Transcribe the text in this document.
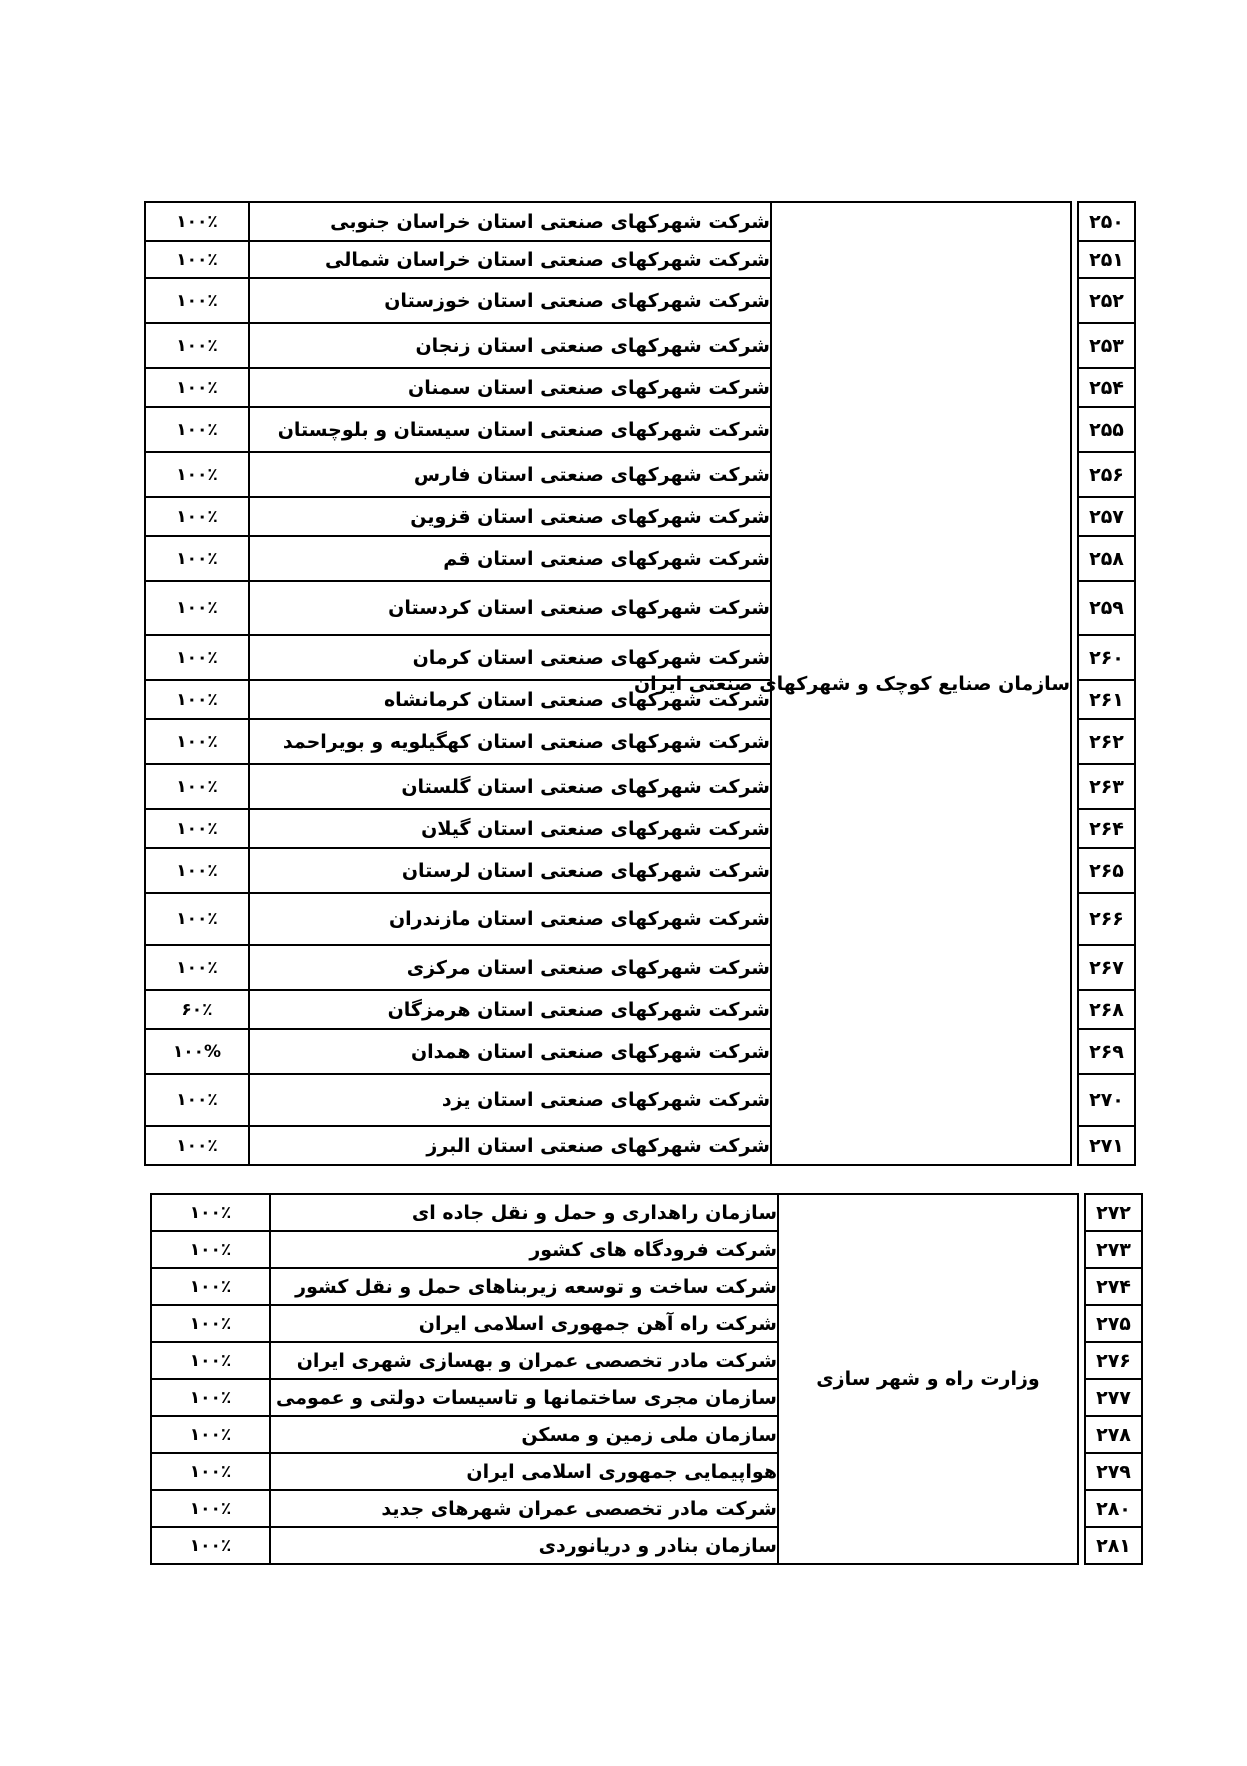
۲۵۰		سازمان صنایع کوچک و شهرکهای صنعتی ایران	شرکت شهرکهای صنعتی استان خراسان جنوبی	۱۰۰٪
۲۵۱			شرکت شهرکهای صنعتی استان خراسان شمالی	۱۰۰٪
۲۵۲			شرکت شهرکهای صنعتی استان خوزستان	۱۰۰٪
۲۵۳			شرکت شهرکهای صنعتی استان زنجان	۱۰۰٪
۲۵۴			شرکت شهرکهای صنعتی استان سمنان	۱۰۰٪
۲۵۵			شرکت شهرکهای صنعتی استان سیستان و بلوچستان	۱۰۰٪
۲۵۶			شرکت شهرکهای صنعتی استان فارس	۱۰۰٪
۲۵۷			شرکت شهرکهای صنعتی استان قزوین	۱۰۰٪
۲۵۸			شرکت شهرکهای صنعتی استان قم	۱۰۰٪
۲۵۹			شرکت شهرکهای صنعتی استان کردستان	۱۰۰٪
۲۶۰			شرکت شهرکهای صنعتی استان کرمان	۱۰۰٪
۲۶۱			شرکت شهرکهای صنعتی استان کرمانشاه	۱۰۰٪
۲۶۲			شرکت شهرکهای صنعتی استان کهگیلویه و بویراحمد	۱۰۰٪
۲۶۳			شرکت شهرکهای صنعتی استان گلستان	۱۰۰٪
۲۶۴			شرکت شهرکهای صنعتی استان گیلان	۱۰۰٪
۲۶۵			شرکت شهرکهای صنعتی استان لرستان	۱۰۰٪
۲۶۶			شرکت شهرکهای صنعتی استان مازندران	۱۰۰٪
۲۶۷			شرکت شهرکهای صنعتی استان مرکزی	۱۰۰٪
۲۶۸			شرکت شهرکهای صنعتی استان هرمزگان	۶۰٪
۲۶۹			شرکت شهرکهای صنعتی استان همدان	۱۰۰%
۲۷۰			شرکت شهرکهای صنعتی استان یزد	۱۰۰٪
۲۷۱			شرکت شهرکهای صنعتی استان البرز	۱۰۰٪
۲۷۲		وزارت راه و شهر سازی	سازمان راهداری و حمل و نقل جاده ای	۱۰۰٪
۲۷۳			شرکت فرودگاه های کشور	۱۰۰٪
۲۷۴			شرکت ساخت و توسعه زیربناهای حمل و نقل کشور	۱۰۰٪
۲۷۵			شرکت راه آهن جمهوری اسلامی ایران	۱۰۰٪
۲۷۶			شرکت مادر تخصصی عمران و بهسازی شهری ایران	۱۰۰٪
۲۷۷			سازمان مجری ساختمانها و تاسیسات دولتی و عمومی	۱۰۰٪
۲۷۸			سازمان ملی زمین و مسکن	۱۰۰٪
۲۷۹			هواپیمایی جمهوری اسلامی ایران	۱۰۰٪
۲۸۰			شرکت مادر تخصصی عمران شهرهای جدید	۱۰۰٪
۲۸۱			سازمان بنادر و دریانوردی	۱۰۰٪
